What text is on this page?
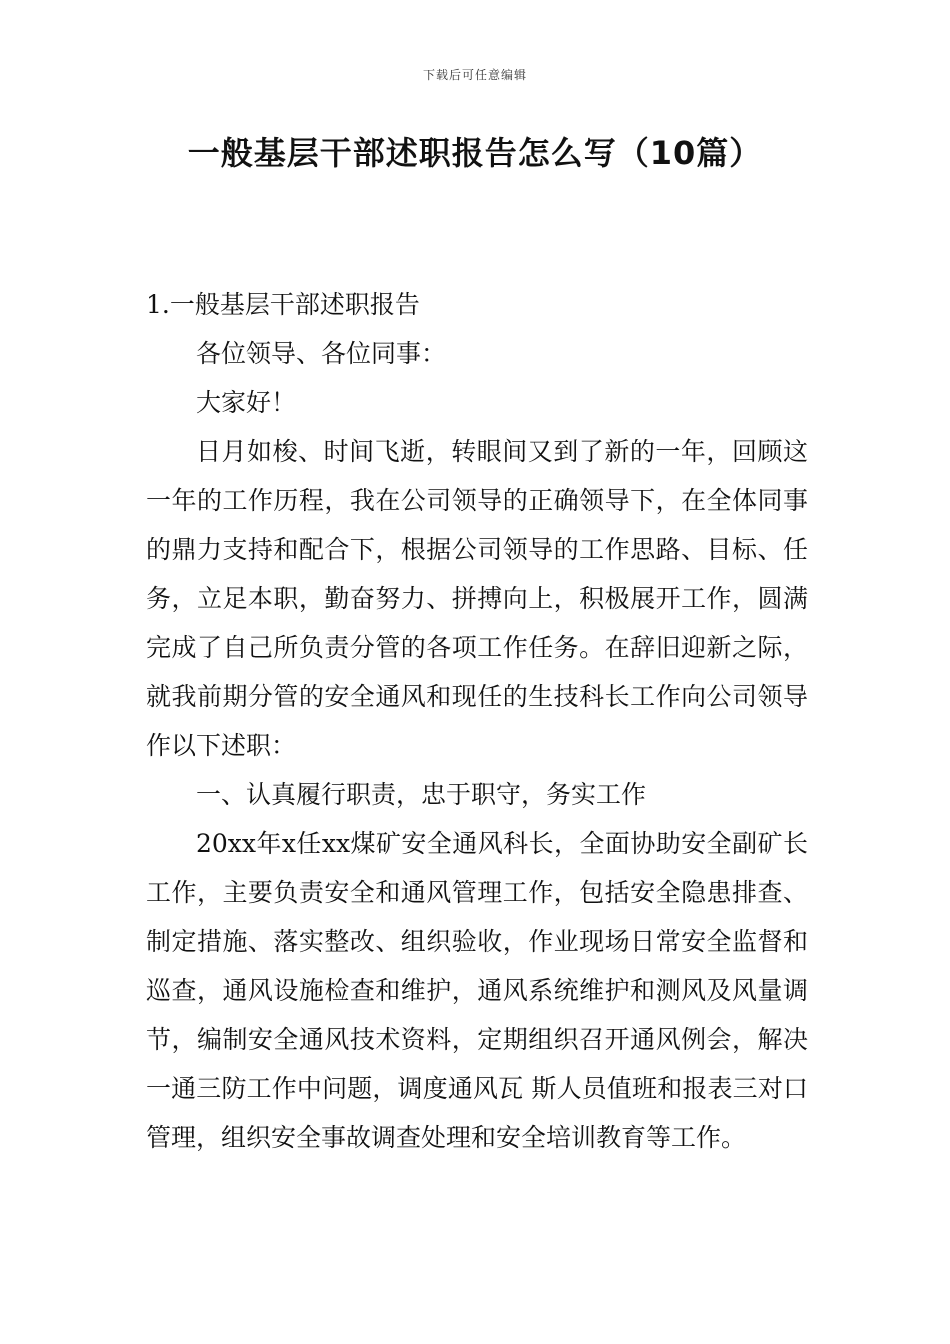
下载后可任意编辑
一般基层干部述职报告怎么写（10篇）

1.一般基层干部述职报告

各位领导、各位同事：

大家好！

日月如梭、时间飞逝，转眼间又到了新的一年，回顾这一年的工作历程，我在公司领导的正确领导下，在全体同事的鼎力支持和配合下，根据公司领导的工作思路、目标、任务，立足本职，勤奋努力、拼搏向上，积极展开工作，圆满完成了自己所负责分管的各项工作任务。在辞旧迎新之际，就我前期分管的安全通风和现任的生技科长工作向公司领导作以下述职：

一、认真履行职责，忠于职守，务实工作

20xx年x任xx煤矿安全通风科长，全面协助安全副矿长工作，主要负责安全和通风管理工作，包括安全隐患排查、制定措施、落实整改、组织验收，作业现场日常安全监督和巡查，通风设施检查和维护，通风系统维护和测风及风量调节，编制安全通风技术资料，定期组织召开通风例会，解决一通三防工作中问题，调度通风瓦 斯人员值班和报表三对口管理，组织安全事故调查处理和安全培训教育等工作。
